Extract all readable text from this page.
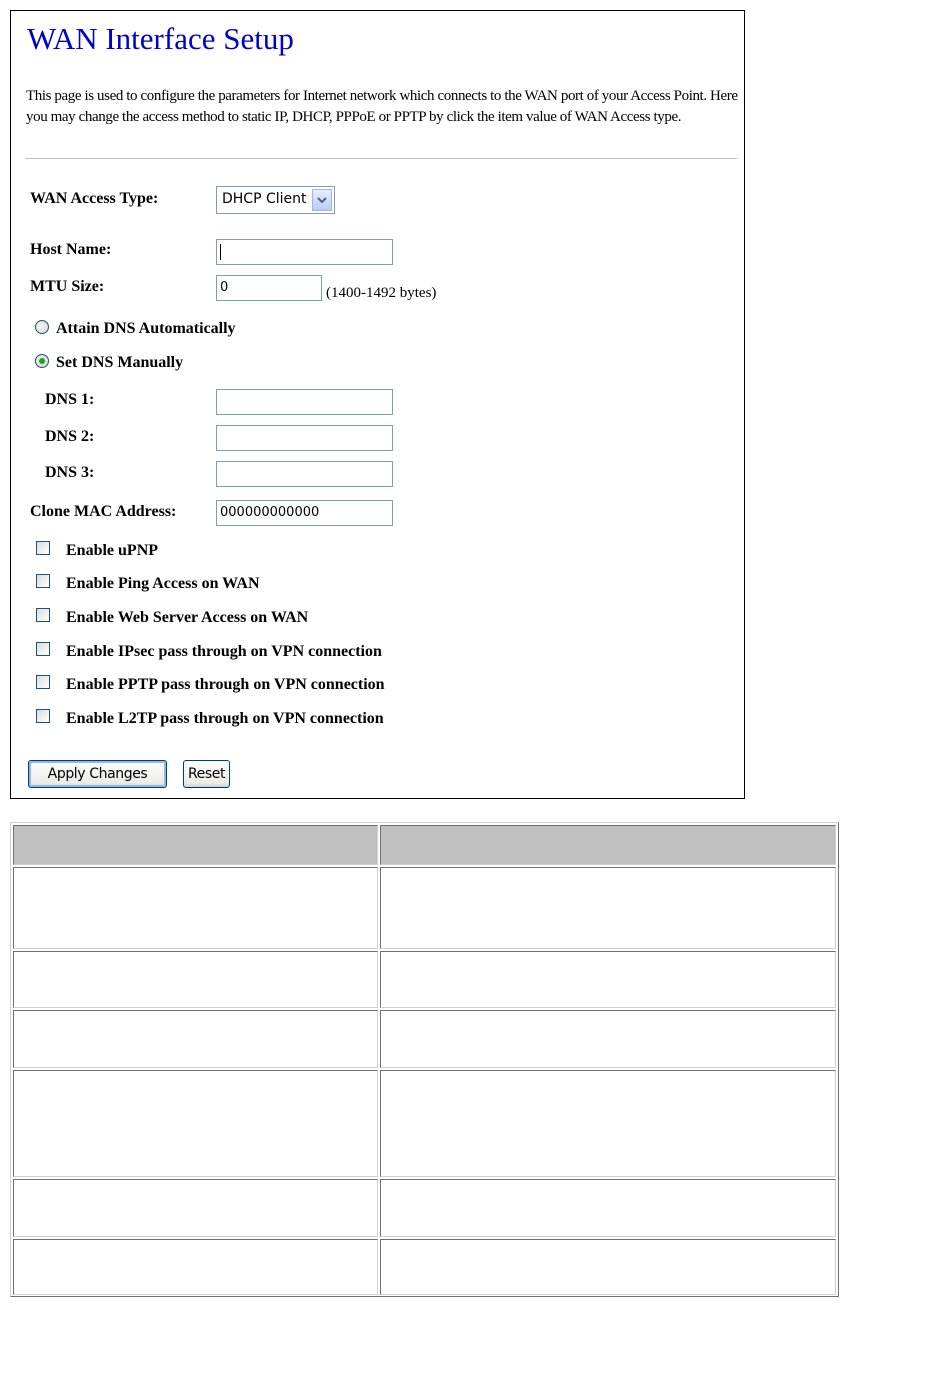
WAN Interface Setup
This page is used to configure the parameters for Internet network which connects to the WAN port of your Access Point. Here you may change the access method to static IP, DHCP, PPPoE or PPTP by click the item value of WAN Access type.
WAN Access Type:	DHCP Client
Host Name:
MTU Size:	0	(1400-1492 bytes)
Attain DNS Automatically
Set DNS Manually
DNS 1:
DNS 2:
DNS 3:
Clone MAC Address:	000000000000
Enable uPNP
Enable Ping Access on WAN
Enable Web Server Access on WAN
Enable IPsec pass through on VPN connection
Enable PPTP pass through on VPN connection
Enable L2TP pass through on VPN connection
Apply Changes	Reset
